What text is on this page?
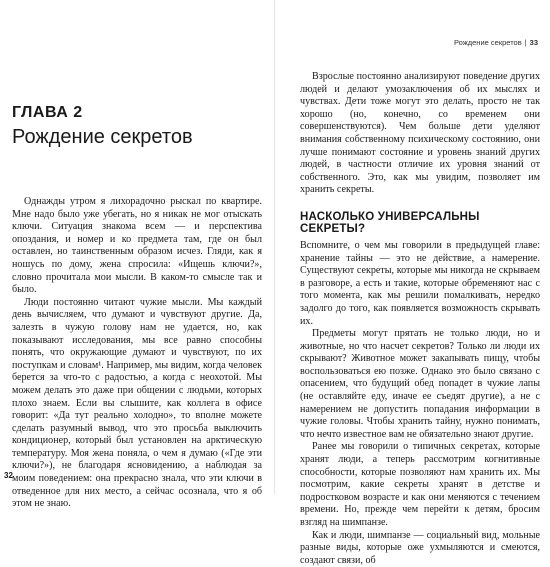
ГЛАВА 2
Рождение секретов

Однажды утром я лихорадочно рыскал по квартире. Мне надо было уже убегать, но я никак не мог отыскать ключи. Ситуация знакома всем — и перспектива опоздания, и номер и ко предмета там, где он был оставлен, но таинственным образом исчез. Гляди, как я ношусь по дому, жена спросила: «Ищешь ключи?», словно прочитала мои мысли. В каком-то смысле так и было.

Люди постоянно читают чужие мысли. Мы каждый день вычисляем, что думают и чувствуют другие. Да, залезть в чужую голову нам не удается, но, как показывают исследования, мы все равно способны понять, что окружающие думают и чувствуют, по их поступкам и словам¹. Например, мы видим, когда человек берется за что-то с радостью, а когда с неохотой. Мы можем делать это даже при общении с людьми, которых плохо знаем. Если вы слышите, как коллега в офисе говорит: «Да тут реально холодно», то вполне можете сделать разумный вывод, что это просьба выключить кондиционер, который был установлен на арктическую температуру. Моя жена поняла, о чем я думаю («Где эти ключи?»), не благодаря ясновидению, а наблюдая за моим поведением: она прекрасно знала, что эти ключи в отведенное для них место, а сейчас осознала, что я об этом не знаю.

32
Рождение секретов | 33

Взрослые постоянно анализируют поведение других людей и делают умозаключения об их мыслях и чувствах. Дети тоже могут это делать, просто не так хорошо (но, конечно, со временем они совершенствуются). Чем больше дети уделяют внимания собственному психическому состоянию, они лучше понимают состояние и уровень знаний других людей, в частности отличие их уровня знаний от собственного. Это, как мы увидим, позволяет им хранить секреты.

НАСКОЛЬКО УНИВЕРСАЛЬНЫ СЕКРЕТЫ?

Вспомните, о чем мы говорили в предыдущей главе: хранение тайны — это не действие, а намерение. Существуют секреты, которые мы никогда не скрываем в разговоре, а есть и такие, которые обременяют нас с того момента, как мы решили помалкивать, нередко задолго до того, как появляется возможность скрывать их.

Предметы могут прятать не только люди, но и животные, но что насчет секретов? Только ли люди их скрывают? Животное может закапывать пищу, чтобы воспользоваться ею позже. Однако это было связано с опасением, что будущий обед попадет в чужие лапы (не оставляйте еду, иначе ее съедят другие), а не с намерением не допустить попадания информации в чужие головы. Чтобы хранить тайну, нужно понимать, что нечто известное вам не обязательно знают другие.

Ранее мы говорили о типичных секретах, которые хранят люди, а теперь рассмотрим когнитивные способности, которые позволяют нам хранить их. Мы посмотрим, какие секреты хранят в детстве и подростковом возрасте и как они меняются с течением времени. Но, прежде чем перейти к детям, бросим взгляд на шимпанзе.

Как и люди, шимпанзе — социальный вид, мольные разные виды, которые оже ухмыляются и смеются, создают связи, об
